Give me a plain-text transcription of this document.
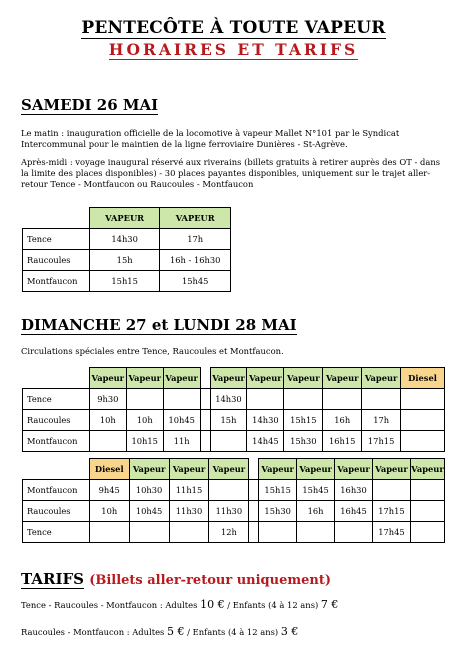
PENTECÔTE À TOUTE VAPEUR
HORAIRES ET TARIFS
SAMEDI 26 MAI
Le matin : inauguration officielle de la locomotive à vapeur Mallet N°101 par le Syndicat Intercommunal pour le maintien de la ligne ferroviaire Dunières - St-Agrève.
Après-midi : voyage inaugural réservé aux riverains (billets gratuits à retirer auprès des OT - dans la limite des places disponibles) - 30 places payantes disponibles, uniquement sur le trajet aller-retour Tence - Montfaucon ou Raucoules - Montfaucon
	VAPEUR	VAPEUR
Tence	14h30	17h
Raucoules	15h	16h - 16h30
Montfaucon	15h15	15h45
DIMANCHE 27 et LUNDI 28 MAI
Circulations spéciales entre Tence, Raucoules et Montfaucon.
	Vapeur	Vapeur	Vapeur		Vapeur	Vapeur	Vapeur	Vapeur	Vapeur	Diesel
Tence	9h30				14h30					
Raucoules	10h	10h	10h45		15h	14h30	15h15	16h	17h	
Montfaucon		10h15	11h			14h45	15h30	16h15	17h15	
	Diesel	Vapeur	Vapeur	Vapeur		Vapeur	Vapeur	Vapeur	Vapeur	Vapeur
Montfaucon	9h45	10h30	11h15			15h15	15h45	16h30		
Raucoules	10h	10h45	11h30	11h30		15h30	16h	16h45	17h15	
Tence				12h					17h45	
TARIFS (Billets aller-retour uniquement)
Tence - Raucoules - Montfaucon : Adultes 10 € / Enfants (4 à 12 ans) 7 €
Raucoules - Montfaucon : Adultes 5 € / Enfants (4 à 12 ans) 3 €
